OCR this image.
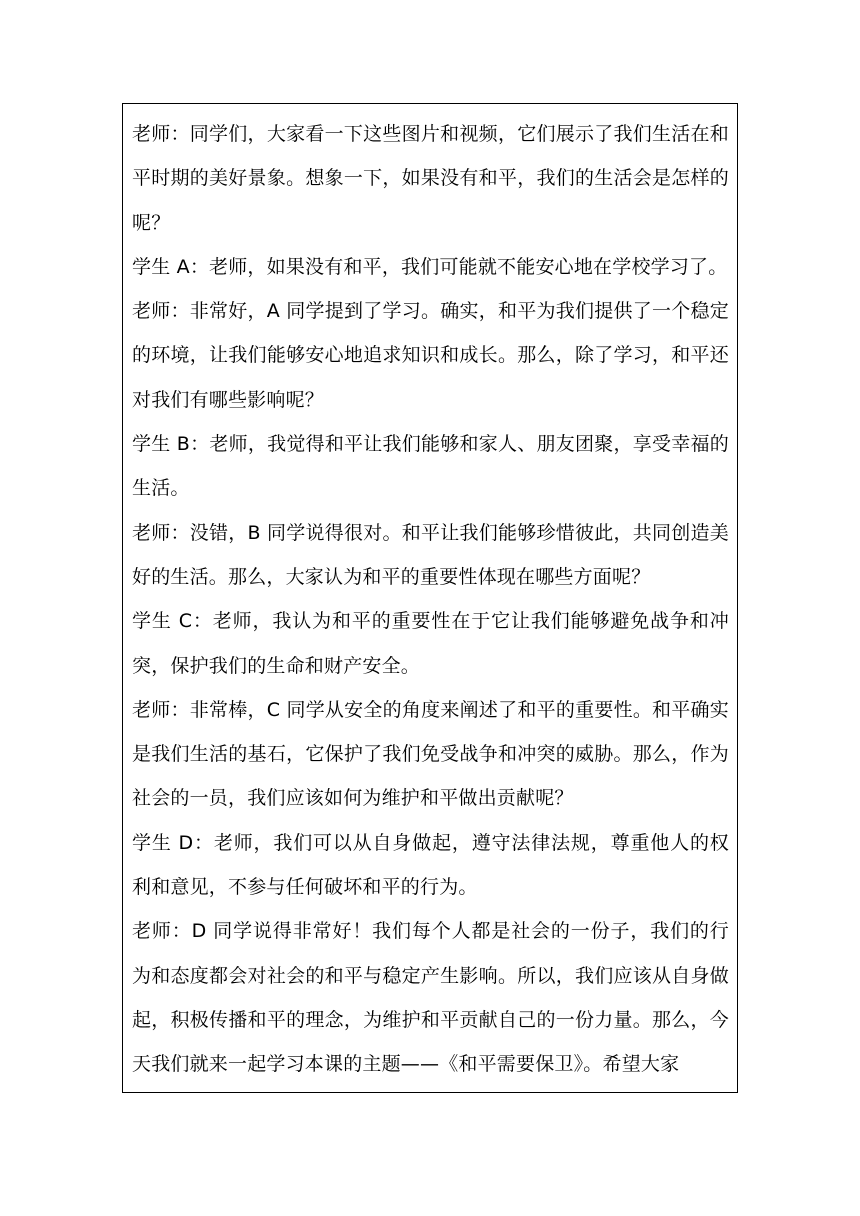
老师：同学们，大家看一下这些图片和视频，它们展示了我们生活在和平时期的美好景象。想象一下，如果没有和平，我们的生活会是怎样的呢？

学生 A：老师，如果没有和平，我们可能就不能安心地在学校学习了。

老师：非常好，A 同学提到了学习。确实，和平为我们提供了一个稳定的环境，让我们能够安心地追求知识和成长。那么，除了学习，和平还对我们有哪些影响呢？

学生 B：老师，我觉得和平让我们能够和家人、朋友团聚，享受幸福的生活。

老师：没错，B 同学说得很对。和平让我们能够珍惜彼此，共同创造美好的生活。那么，大家认为和平的重要性体现在哪些方面呢？

学生 C：老师，我认为和平的重要性在于它让我们能够避免战争和冲突，保护我们的生命和财产安全。

老师：非常棒，C 同学从安全的角度来阐述了和平的重要性。和平确实是我们生活的基石，它保护了我们免受战争和冲突的威胁。那么，作为社会的一员，我们应该如何为维护和平做出贡献呢？

学生 D：老师，我们可以从自身做起，遵守法律法规，尊重他人的权利和意见，不参与任何破坏和平的行为。

老师：D 同学说得非常好！我们每个人都是社会的一份子，我们的行为和态度都会对社会的和平与稳定产生影响。所以，我们应该从自身做起，积极传播和平的理念，为维护和平贡献自己的一份力量。那么，今天我们就来一起学习本课的主题——《和平需要保卫》。希望大家
